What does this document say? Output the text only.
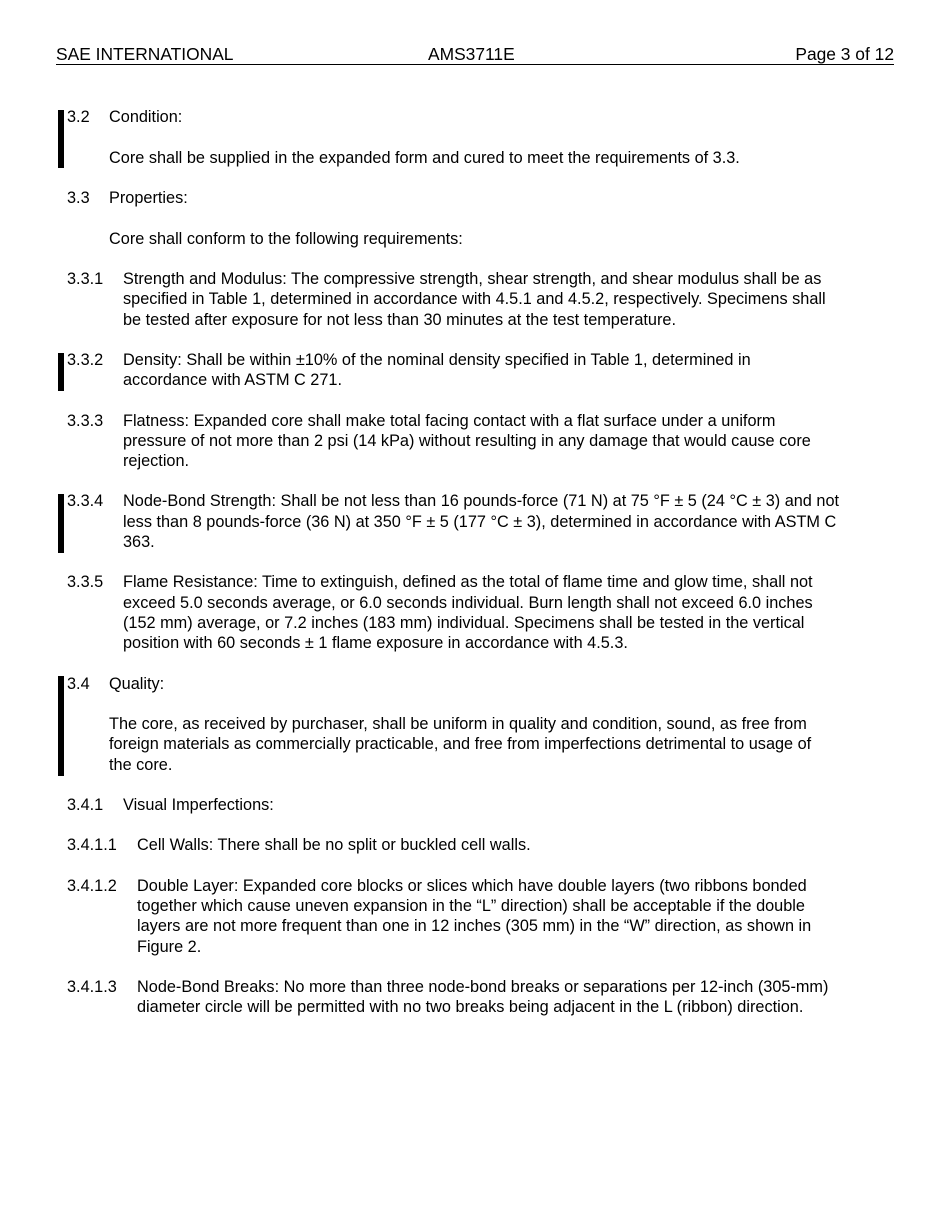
SAE INTERNATIONAL	AMS3711E	Page 3 of 12
3.2 Condition:
Core shall be supplied in the expanded form and cured to meet the requirements of 3.3.
3.3 Properties:
Core shall conform to the following requirements:
3.3.1 Strength and Modulus: The compressive strength, shear strength, and shear modulus shall be as
specified in Table 1, determined in accordance with 4.5.1 and 4.5.2, respectively. Specimens shall
be tested after exposure for not less than 30 minutes at the test temperature.
3.3.2 Density: Shall be within ±10% of the nominal density specified in Table 1, determined in
accordance with ASTM C 271.
3.3.3 Flatness: Expanded core shall make total facing contact with a flat surface under a uniform
pressure of not more than 2 psi (14 kPa) without resulting in any damage that would cause core
rejection.
3.3.4 Node-Bond Strength: Shall be not less than 16 pounds-force (71 N) at 75 °F ± 5 (24 °C ± 3) and not
less than 8 pounds-force (36 N) at 350 °F ± 5 (177 °C ± 3), determined in accordance with ASTM C
363.
3.3.5 Flame Resistance: Time to extinguish, defined as the total of flame time and glow time, shall not
exceed 5.0 seconds average, or 6.0 seconds individual. Burn length shall not exceed 6.0 inches
(152 mm) average, or 7.2 inches (183 mm) individual. Specimens shall be tested in the vertical
position with 60 seconds ± 1 flame exposure in accordance with 4.5.3.
3.4 Quality:
The core, as received by purchaser, shall be uniform in quality and condition, sound, as free from
foreign materials as commercially practicable, and free from imperfections detrimental to usage of
the core.
3.4.1 Visual Imperfections:
3.4.1.1 Cell Walls: There shall be no split or buckled cell walls.
3.4.1.2 Double Layer: Expanded core blocks or slices which have double layers (two ribbons bonded
together which cause uneven expansion in the “L” direction) shall be acceptable if the double
layers are not more frequent than one in 12 inches (305 mm) in the “W” direction, as shown in
Figure 2.
3.4.1.3 Node-Bond Breaks: No more than three node-bond breaks or separations per 12-inch (305-mm)
diameter circle will be permitted with no two breaks being adjacent in the L (ribbon) direction.
